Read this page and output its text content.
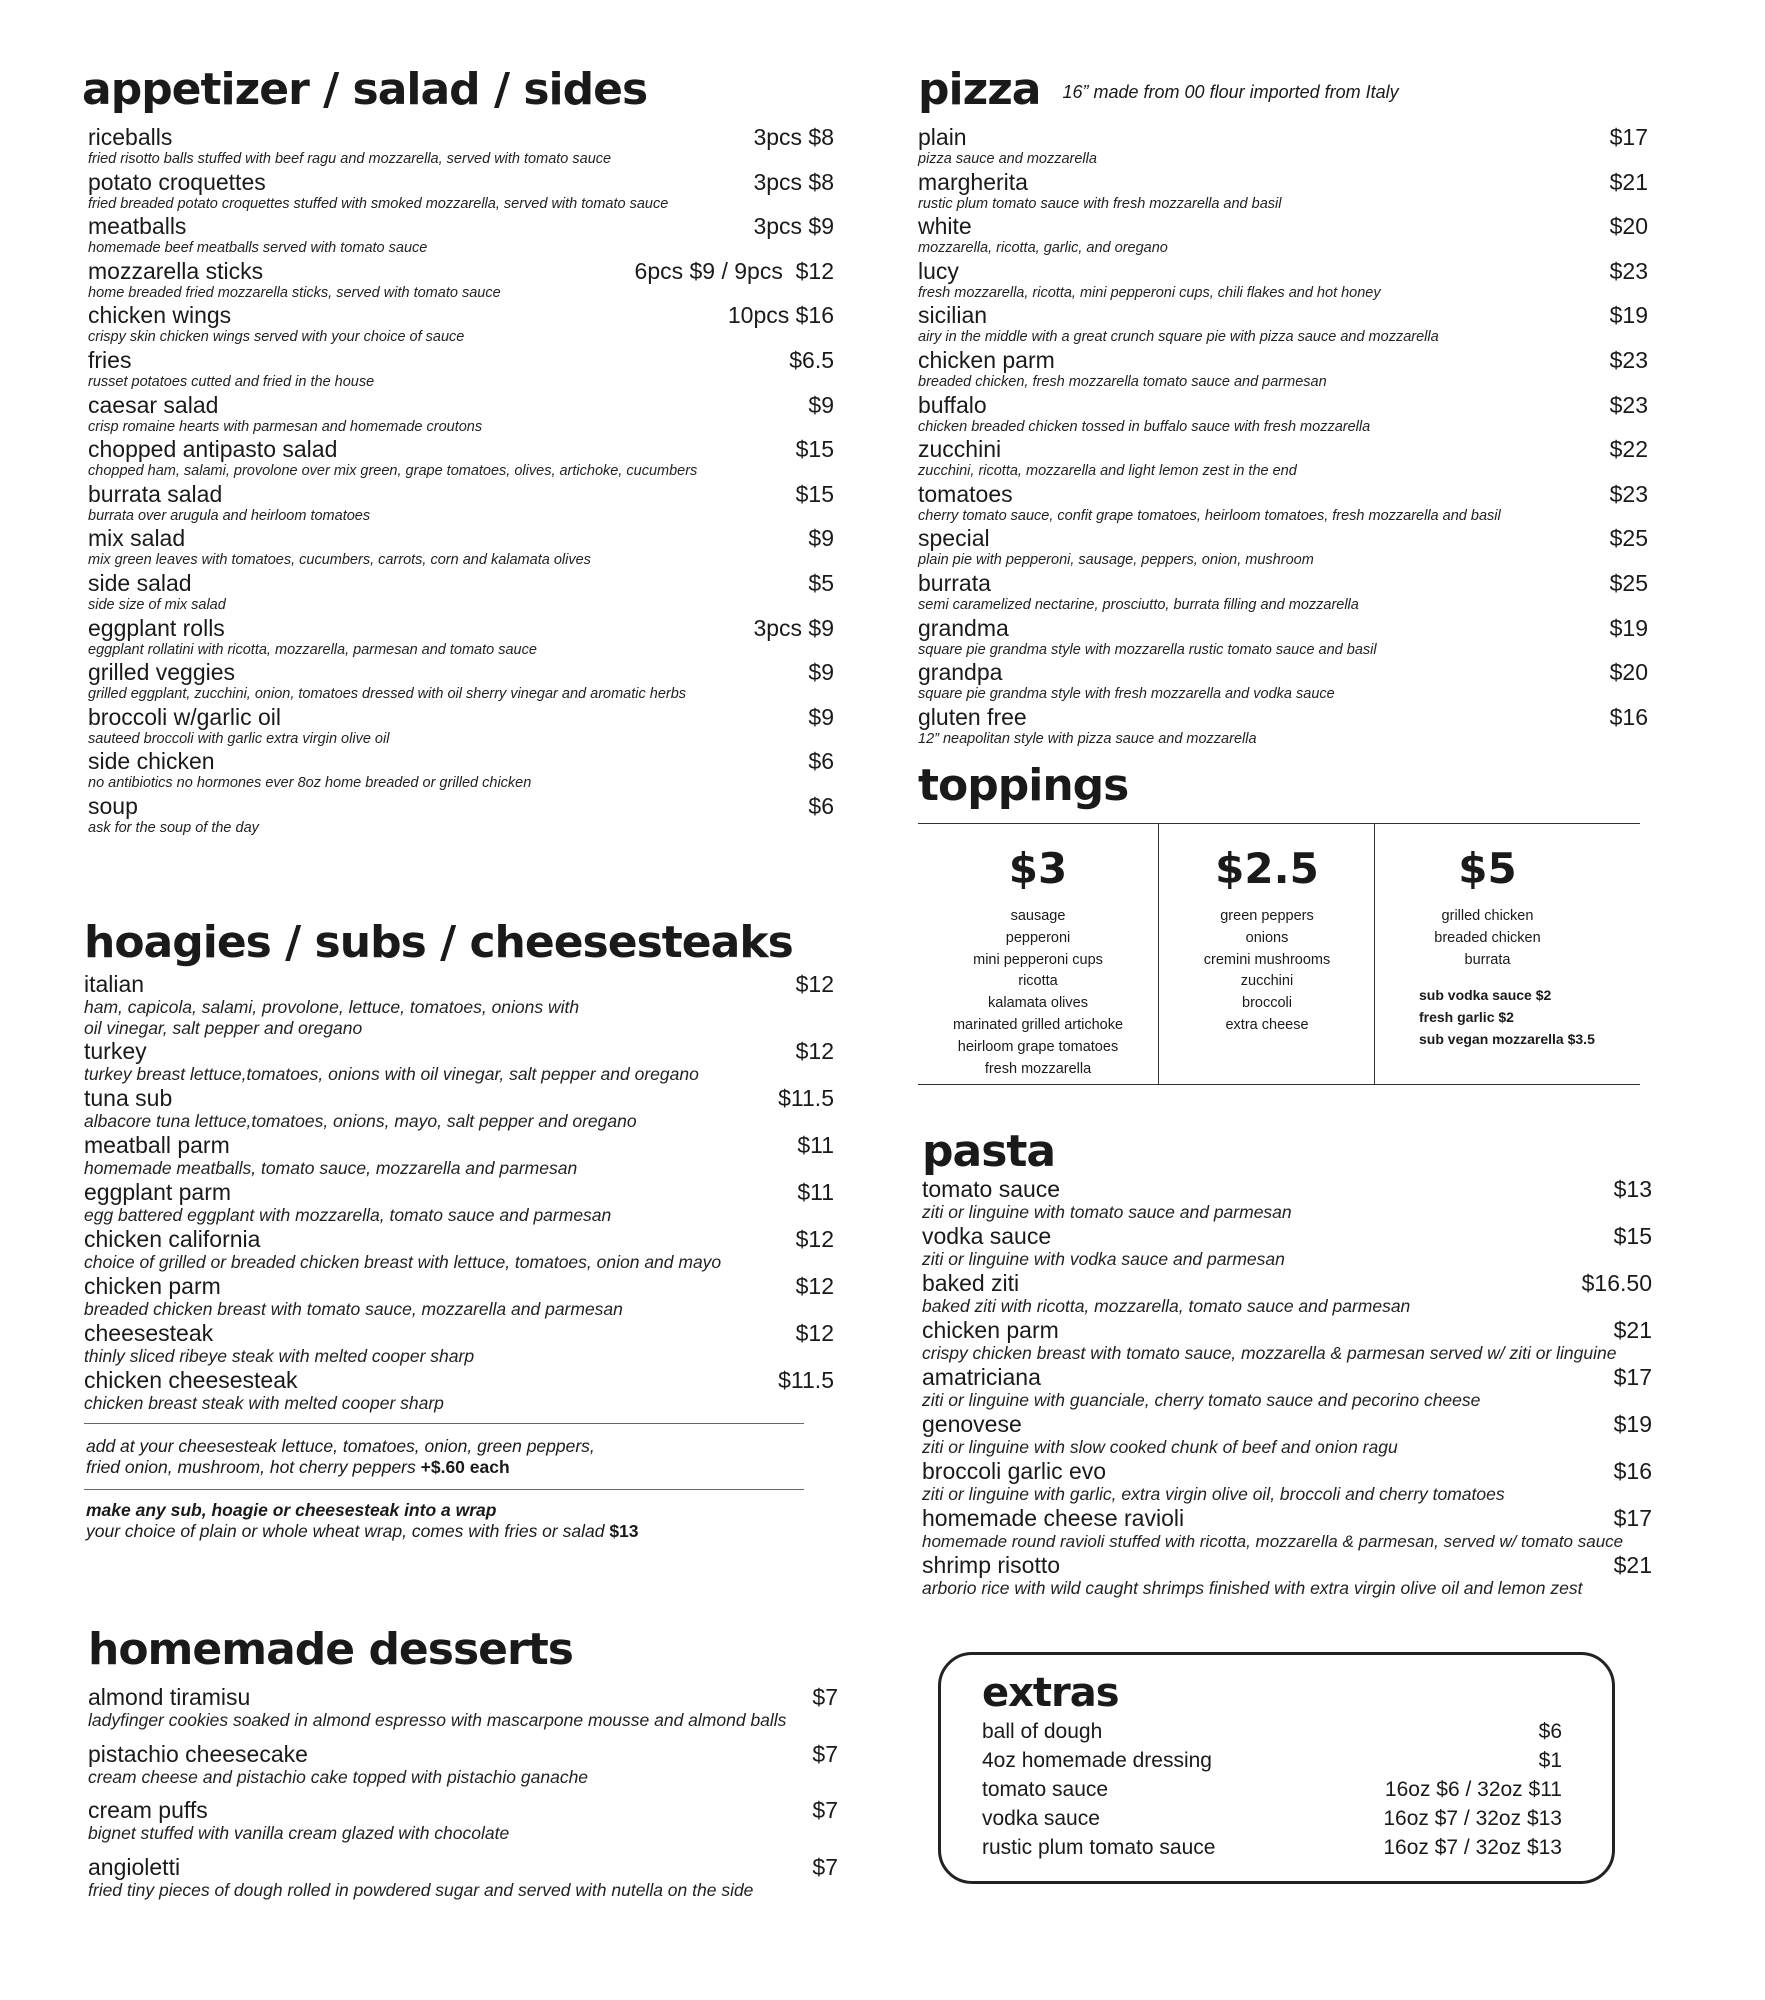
appetizer / salad / sides
riceballs	3pcs $8
fried risotto balls stuffed with beef ragu and mozzarella, served with tomato sauce
potato croquettes	3pcs $8
fried breaded potato croquettes stuffed with smoked mozzarella, served with tomato sauce
meatballs	3pcs $9
homemade beef meatballs served with tomato sauce
mozzarella sticks	6pcs $9 / 9pcs  $12
home breaded fried mozzarella sticks, served with tomato sauce
chicken wings	10pcs $16
crispy skin chicken wings served with your choice of sauce
fries	$6.5
russet potatoes cutted and fried in the house
caesar salad	$9
crisp romaine hearts with parmesan and homemade croutons
chopped antipasto salad	$15
chopped ham, salami, provolone over mix green, grape tomatoes, olives, artichoke, cucumbers
burrata salad	$15
burrata over arugula and heirloom tomatoes
mix salad	$9
mix green leaves with tomatoes, cucumbers, carrots, corn and kalamata olives
side salad	$5
side size of mix salad
eggplant rolls	3pcs $9
eggplant rollatini with ricotta, mozzarella, parmesan and tomato sauce
grilled veggies	$9
grilled eggplant, zucchini, onion, tomatoes dressed with oil sherry vinegar and aromatic herbs
broccoli w/garlic oil	$9
sauteed broccoli with garlic extra virgin olive oil
side chicken	$6
no antibiotics no hormones ever 8oz home breaded or grilled chicken
soup	$6
ask for the soup of the day
hoagies / subs / cheesesteaks
italian	$12
ham, capicola, salami, provolone, lettuce, tomatoes, onions with
oil vinegar, salt pepper and oregano
turkey	$12
turkey breast lettuce,tomatoes, onions with oil vinegar, salt pepper and oregano
tuna sub	$11.5
albacore tuna lettuce,tomatoes, onions, mayo, salt pepper and oregano
meatball parm	$11
homemade meatballs, tomato sauce, mozzarella and parmesan
eggplant parm	$11
egg battered eggplant with mozzarella, tomato sauce and parmesan
chicken california	$12
choice of grilled or breaded chicken breast with lettuce, tomatoes, onion and mayo
chicken parm	$12
breaded chicken breast with tomato sauce, mozzarella and parmesan
cheesesteak	$12
thinly sliced ribeye steak with melted cooper sharp
chicken cheesesteak	$11.5
chicken breast steak with melted cooper sharp
add at your cheesesteak lettuce, tomatoes, onion, green peppers,
fried onion, mushroom, hot cherry peppers +$.60 each
make any sub, hoagie or cheesesteak into a wrap
your choice of plain or whole wheat wrap, comes with fries or salad $13
homemade desserts
almond tiramisu	$7
ladyfinger cookies soaked in almond espresso with mascarpone mousse and almond balls
pistachio cheesecake	$7
cream cheese and pistachio cake topped with pistachio ganache
cream puffs	$7
bignet stuffed with vanilla cream glazed with chocolate
angioletti	$7
fried tiny pieces of dough rolled in powdered sugar and served with nutella on the side
pizza 16” made from 00 flour imported from Italy
plain	$17
pizza sauce and mozzarella
margherita	$21
rustic plum tomato sauce with fresh mozzarella and basil
white	$20
mozzarella, ricotta, garlic, and oregano
lucy	$23
fresh mozzarella, ricotta, mini pepperoni cups, chili flakes and hot honey
sicilian	$19
airy in the middle with a great crunch square pie with pizza sauce and mozzarella
chicken parm	$23
breaded chicken, fresh mozzarella tomato sauce and parmesan
buffalo	$23
chicken breaded chicken tossed in buffalo sauce with fresh mozzarella
zucchini	$22
zucchini, ricotta, mozzarella and light lemon zest in the end
tomatoes	$23
cherry tomato sauce, confit grape tomatoes, heirloom tomatoes, fresh mozzarella and basil
special	$25
plain pie with pepperoni, sausage, peppers, onion, mushroom
burrata	$25
semi caramelized nectarine, prosciutto, burrata filling and mozzarella
grandma	$19
square pie grandma style with mozzarella rustic tomato sauce and basil
grandpa	$20
square pie grandma style with fresh mozzarella and vodka sauce
gluten free	$16
12” neapolitan style with pizza sauce and mozzarella
toppings
$3
sausage
pepperoni
mini pepperoni cups
ricotta
kalamata olives
marinated grilled artichoke
heirloom grape tomatoes
fresh mozzarella
$2.5
green peppers
onions
cremini mushrooms
zucchini
broccoli
extra cheese
$5
grilled chicken
breaded chicken
burrata
sub vodka sauce $2
fresh garlic $2
sub vegan mozzarella $3.5
pasta
tomato sauce	$13
ziti or linguine with tomato sauce and parmesan
vodka sauce	$15
ziti or linguine with vodka sauce and parmesan
baked ziti	$16.50
baked ziti with ricotta, mozzarella, tomato sauce and parmesan
chicken parm	$21
crispy chicken breast with tomato sauce, mozzarella & parmesan served w/ ziti or linguine
amatriciana	$17
ziti or linguine with guanciale, cherry tomato sauce and pecorino cheese
genovese	$19
ziti or linguine with slow cooked chunk of beef and onion ragu
broccoli garlic evo	$16
ziti or linguine with garlic, extra virgin olive oil, broccoli and cherry tomatoes
homemade cheese ravioli	$17
homemade round ravioli stuffed with ricotta, mozzarella & parmesan, served w/ tomato sauce
shrimp risotto	$21
arborio rice with wild caught shrimps finished with extra virgin olive oil and lemon zest
extras
ball of dough	$6
4oz homemade dressing	$1
tomato sauce	16oz $6 / 32oz $11
vodka sauce	16oz $7 / 32oz $13
rustic plum tomato sauce	16oz $7 / 32oz $13
